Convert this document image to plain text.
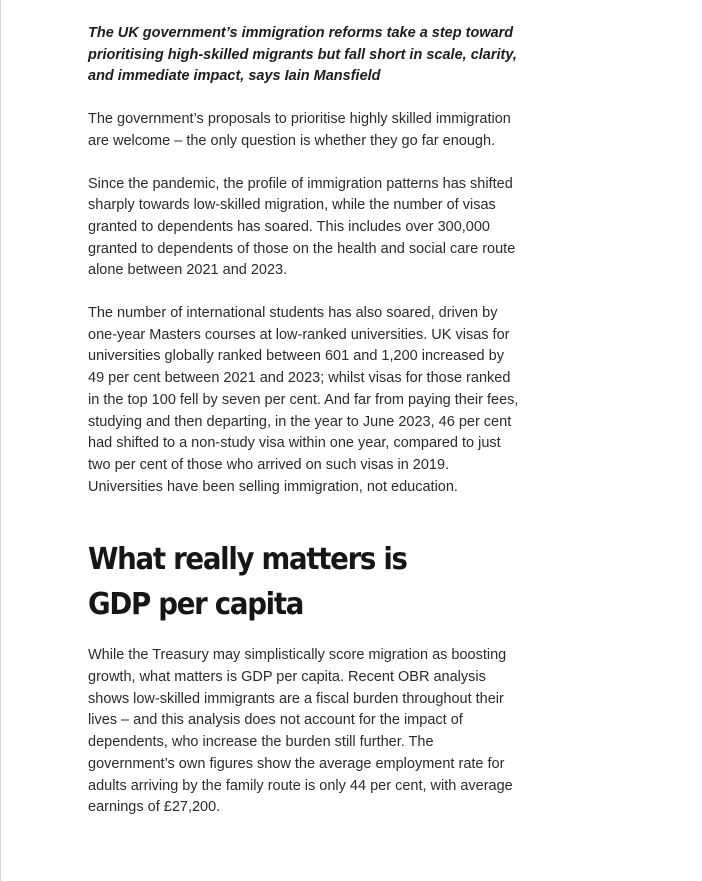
The UK government’s immigration reforms take a step toward prioritising high-skilled migrants but fall short in scale, clarity, and immediate impact, says Iain Mansfield

The government’s proposals to prioritise highly skilled immigration are welcome – the only question is whether they go far enough.

Since the pandemic, the profile of immigration patterns has shifted sharply towards low-skilled migration, while the number of visas granted to dependents has soared. This includes over 300,000 granted to dependents of those on the health and social care route alone between 2021 and 2023.

The number of international students has also soared, driven by one-year Masters courses at low-ranked universities. UK visas for universities globally ranked between 601 and 1,200 increased by 49 per cent between 2021 and 2023; whilst visas for those ranked in the top 100 fell by seven per cent. And far from paying their fees, studying and then departing, in the year to June 2023, 46 per cent had shifted to a non-study visa within one year, compared to just two per cent of those who arrived on such visas in 2019. Universities have been selling immigration, not education.

What really matters is GDP per capita

While the Treasury may simplistically score migration as boosting growth, what matters is GDP per capita. Recent OBR analysis shows low-skilled immigrants are a fiscal burden throughout their lives – and this analysis does not account for the impact of dependents, who increase the burden still further. The government’s own figures show the average employment rate for adults arriving by the family route is only 44 per cent, with average earnings of £27,200.
